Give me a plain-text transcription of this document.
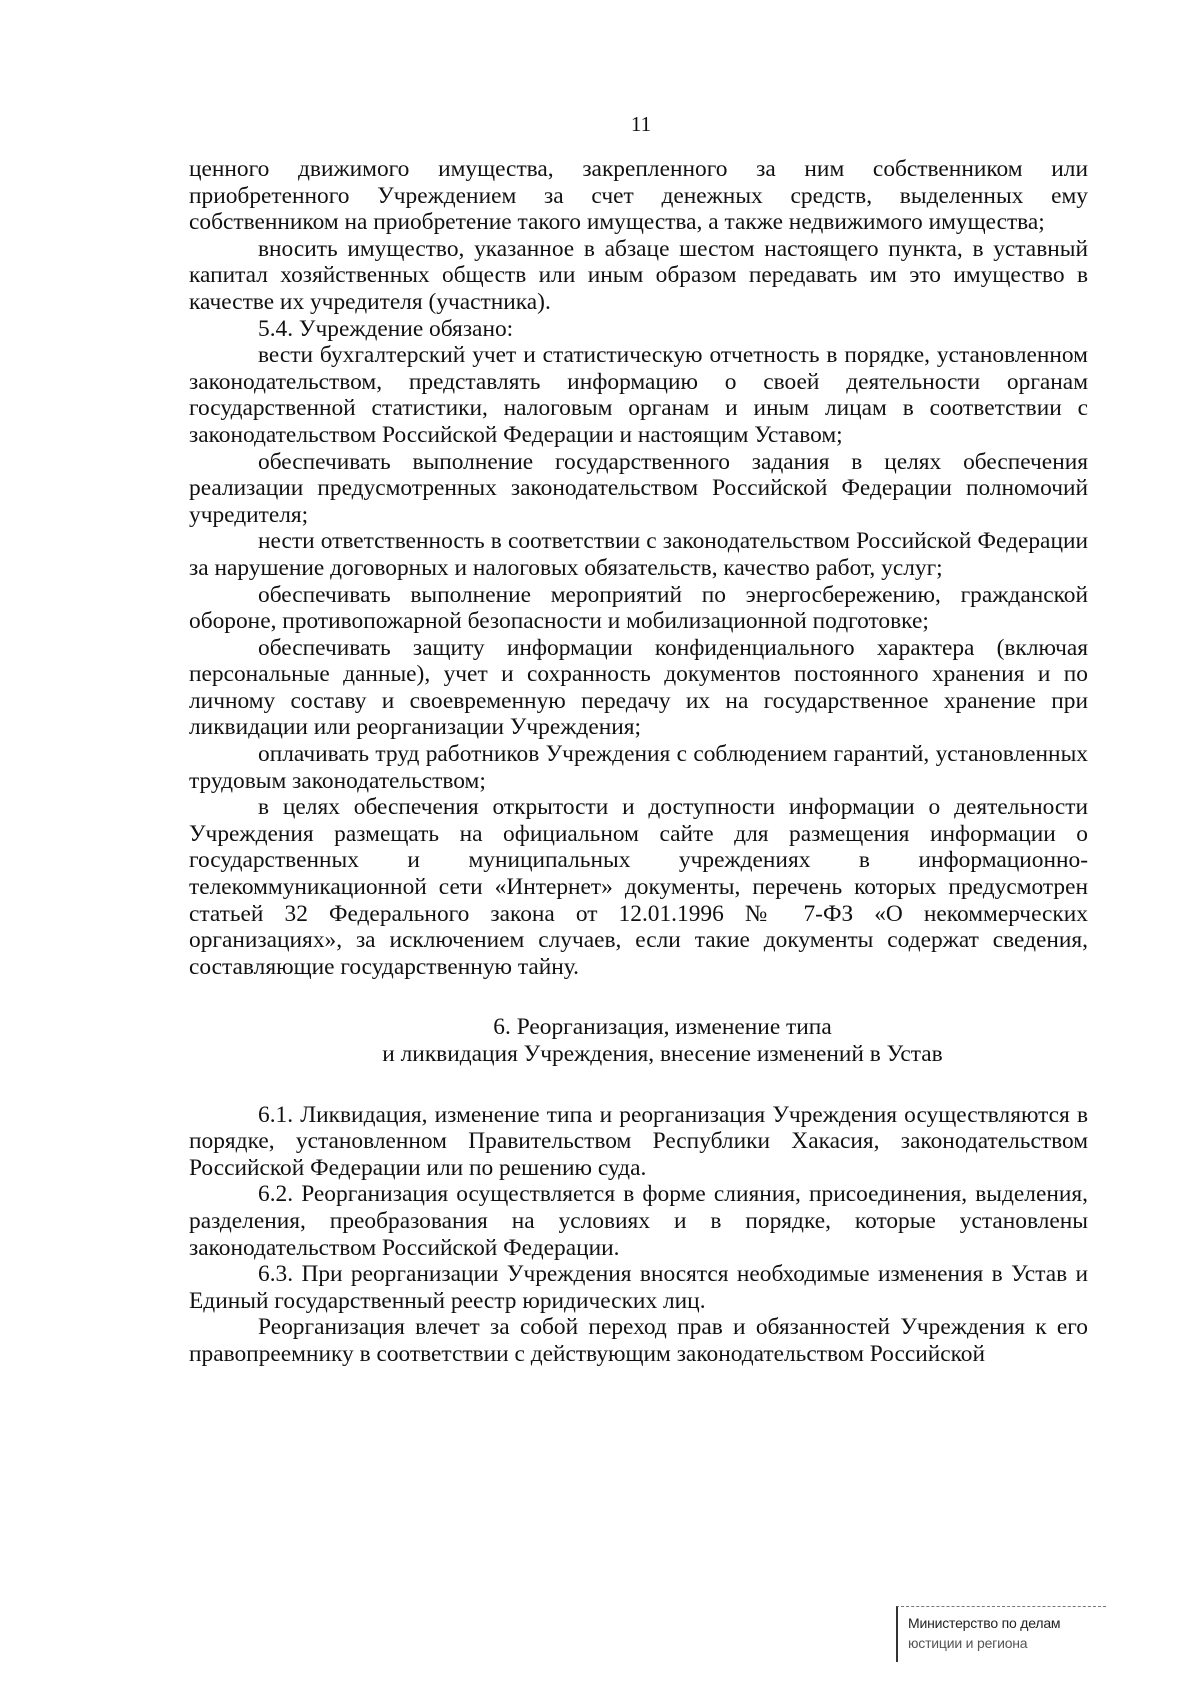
11

ценного движимого имущества, закрепленного за ним собственником или приобретенного Учреждением за счет денежных средств, выделенных ему собственником на приобретение такого имущества, а также недвижимого имущества;

вносить имущество, указанное в абзаце шестом настоящего пункта, в уставный капитал хозяйственных обществ или иным образом передавать им это имущество в качестве их учредителя (участника).

5.4. Учреждение обязано:

вести бухгалтерский учет и статистическую отчетность в порядке, установленном законодательством, представлять информацию о своей деятельности органам государственной статистики, налоговым органам и иным лицам в соответствии с законодательством Российской Федерации и настоящим Уставом;

обеспечивать выполнение государственного задания в целях обеспечения реализации предусмотренных законодательством Российской Федерации полномочий учредителя;

нести ответственность в соответствии с законодательством Российской Федерации за нарушение договорных и налоговых обязательств, качество работ, услуг;

обеспечивать выполнение мероприятий по энергосбережению, гражданской обороне, противопожарной безопасности и мобилизационной подготовке;

обеспечивать защиту информации конфиденциального характера (включая персональные данные), учет и сохранность документов постоянного хранения и по личному составу и своевременную передачу их на государственное хранение при ликвидации или реорганизации Учреждения;

оплачивать труд работников Учреждения с соблюдением гарантий, установленных трудовым законодательством;

в целях обеспечения открытости и доступности информации о деятельности Учреждения размещать на официальном сайте для размещения информации о государственных и муниципальных учреждениях в информационно-телекоммуникационной сети «Интернет» документы, перечень которых предусмотрен статьей 32 Федерального закона от 12.01.1996 № 7-ФЗ «О некоммерческих организациях», за исключением случаев, если такие документы содержат сведения, составляющие государственную тайну.

6. Реорганизация, изменение типа
и ликвидация Учреждения, внесение изменений в Устав

6.1. Ликвидация, изменение типа и реорганизация Учреждения осуществляются в порядке, установленном Правительством Республики Хакасия, законодательством Российской Федерации или по решению суда.

6.2. Реорганизация осуществляется в форме слияния, присоединения, выделения, разделения, преобразования на условиях и в порядке, которые установлены законодательством Российской Федерации.

6.3. При реорганизации Учреждения вносятся необходимые изменения в Устав и Единый государственный реестр юридических лиц.

Реорганизация влечет за собой переход прав и обязанностей Учреждения к его правопреемнику в соответствии с действующим законодательством Российской

Министерство по делам
юстиции и региона
